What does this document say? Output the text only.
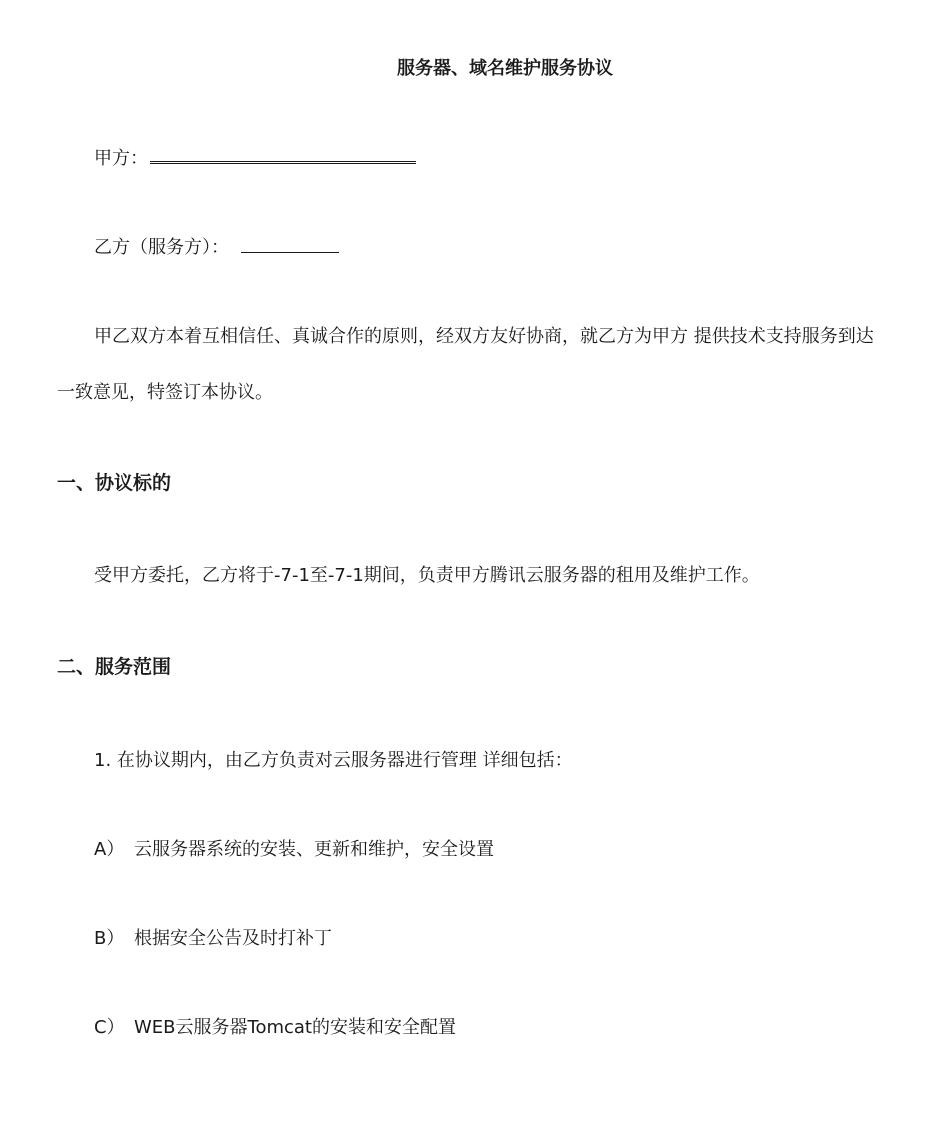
服务器、域名维护服务协议
甲方：
乙方（服务方）：
甲乙双方本着互相信任、真诚合作的原则，经双方友好协商，就乙方为甲方 提供技术支持服务到达
一致意见，特签订本协议。
一、协议标的
受甲方委托，乙方将于-7-1至-7-1期间，负责甲方腾讯云服务器的租用及维护工作。
二、服务范围
1. 在协议期内，由乙方负责对云服务器进行管理 详细包括：
A） 云服务器系统的安装、更新和维护，安全设置
B） 根据安全公告及时打补丁
C） WEB云服务器Tomcat的安装和安全配置
